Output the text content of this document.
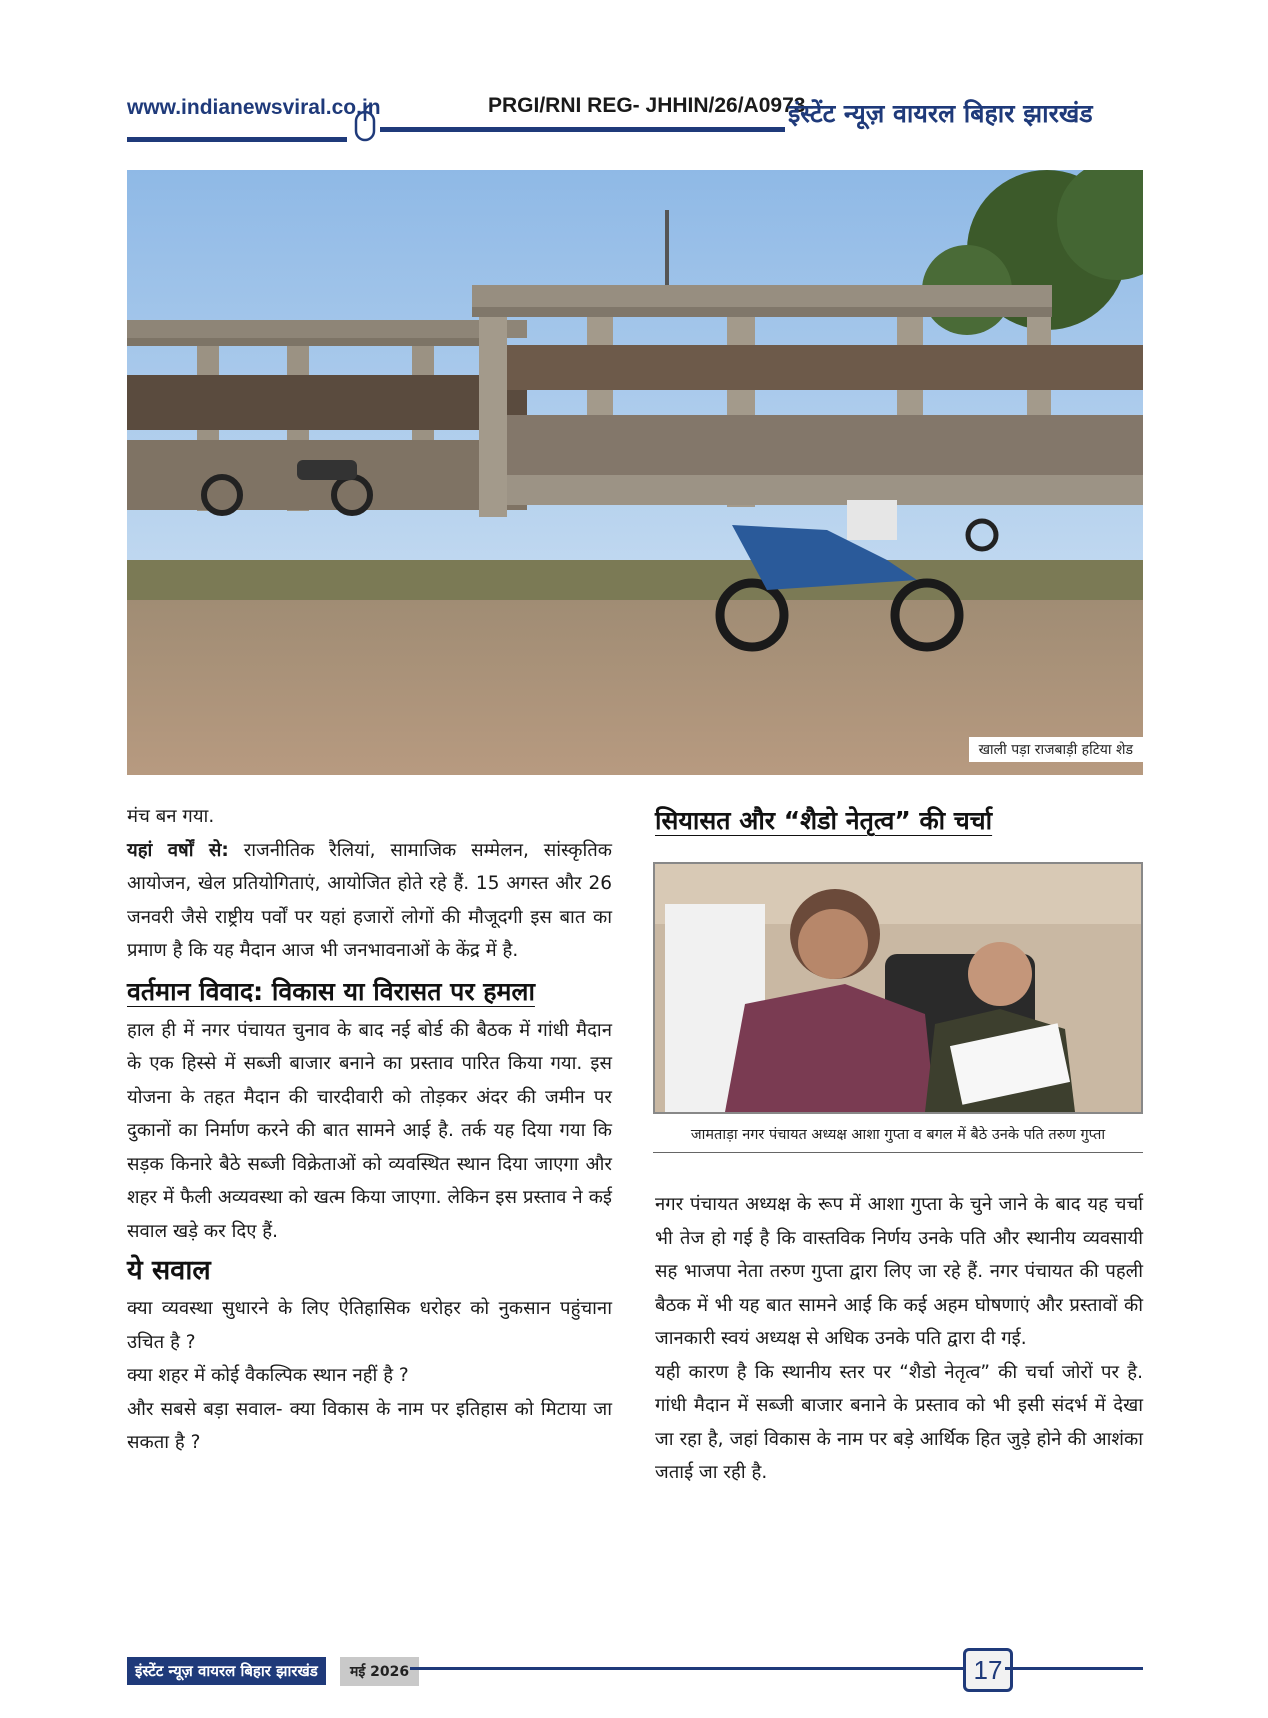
www.indianewsviral.co.in	PRGI/RNI REG- JHHIN/26/A0973
इंस्टेंट न्यूज़ वायरल बिहार झारखंड
खाली पड़ा राजबाड़ी हटिया शेड

मंच बन गया.

यहां वर्षों से: राजनीतिक रैलियां, सामाजिक सम्मेलन, सांस्कृतिक आयोजन, खेल प्रतियोगिताएं, आयोजित होते रहे हैं. 15 अगस्त और 26 जनवरी जैसे राष्ट्रीय पर्वों पर यहां हजारों लोगों की मौजूदगी इस बात का प्रमाण है कि यह मैदान आज भी जनभावनाओं के केंद्र में है.

वर्तमान विवाद: विकास या विरासत पर हमला

हाल ही में नगर पंचायत चुनाव के बाद नई बोर्ड की बैठक में गांधी मैदान के एक हिस्से में सब्जी बाजार बनाने का प्रस्ताव पारित किया गया. इस योजना के तहत मैदान की चारदीवारी को तोड़कर अंदर की जमीन पर दुकानों का निर्माण करने की बात सामने आई है. तर्क यह दिया गया कि सड़क किनारे बैठे सब्जी विक्रेताओं को व्यवस्थित स्थान दिया जाएगा और शहर में फैली अव्यवस्था को खत्म किया जाएगा. लेकिन इस प्रस्ताव ने कई सवाल खड़े कर दिए हैं.

ये सवाल

क्या व्यवस्था सुधारने के लिए ऐतिहासिक धरोहर को नुकसान पहुंचाना उचित है ?

क्या शहर में कोई वैकल्पिक स्थान नहीं है ?

और सबसे बड़ा सवाल- क्या विकास के नाम पर इतिहास को मिटाया जा सकता है ?

सियासत और “शैडो नेतृत्व” की चर्चा
जामताड़ा नगर पंचायत अध्यक्ष आशा गुप्ता व बगल में बैठे उनके पति तरुण गुप्ता

नगर पंचायत अध्यक्ष के रूप में आशा गुप्ता के चुने जाने के बाद यह चर्चा भी तेज हो गई है कि वास्तविक निर्णय उनके पति और स्थानीय व्यवसायी सह भाजपा नेता तरुण गुप्ता द्वारा लिए जा रहे हैं. नगर पंचायत की पहली बैठक में भी यह बात सामने आई कि कई अहम घोषणाएं और प्रस्तावों की जानकारी स्वयं अध्यक्ष से अधिक उनके पति द्वारा दी गई.

यही कारण है कि स्थानीय स्तर पर “शैडो नेतृत्व” की चर्चा जोरों पर है. गांधी मैदान में सब्जी बाजार बनाने के प्रस्ताव को भी इसी संदर्भ में देखा जा रहा है, जहां विकास के नाम पर बड़े आर्थिक हित जुड़े होने की आशंका जताई जा रही है.

इंस्टेंट न्यूज़ वायरल बिहार झारखंड	मई 2026	17
